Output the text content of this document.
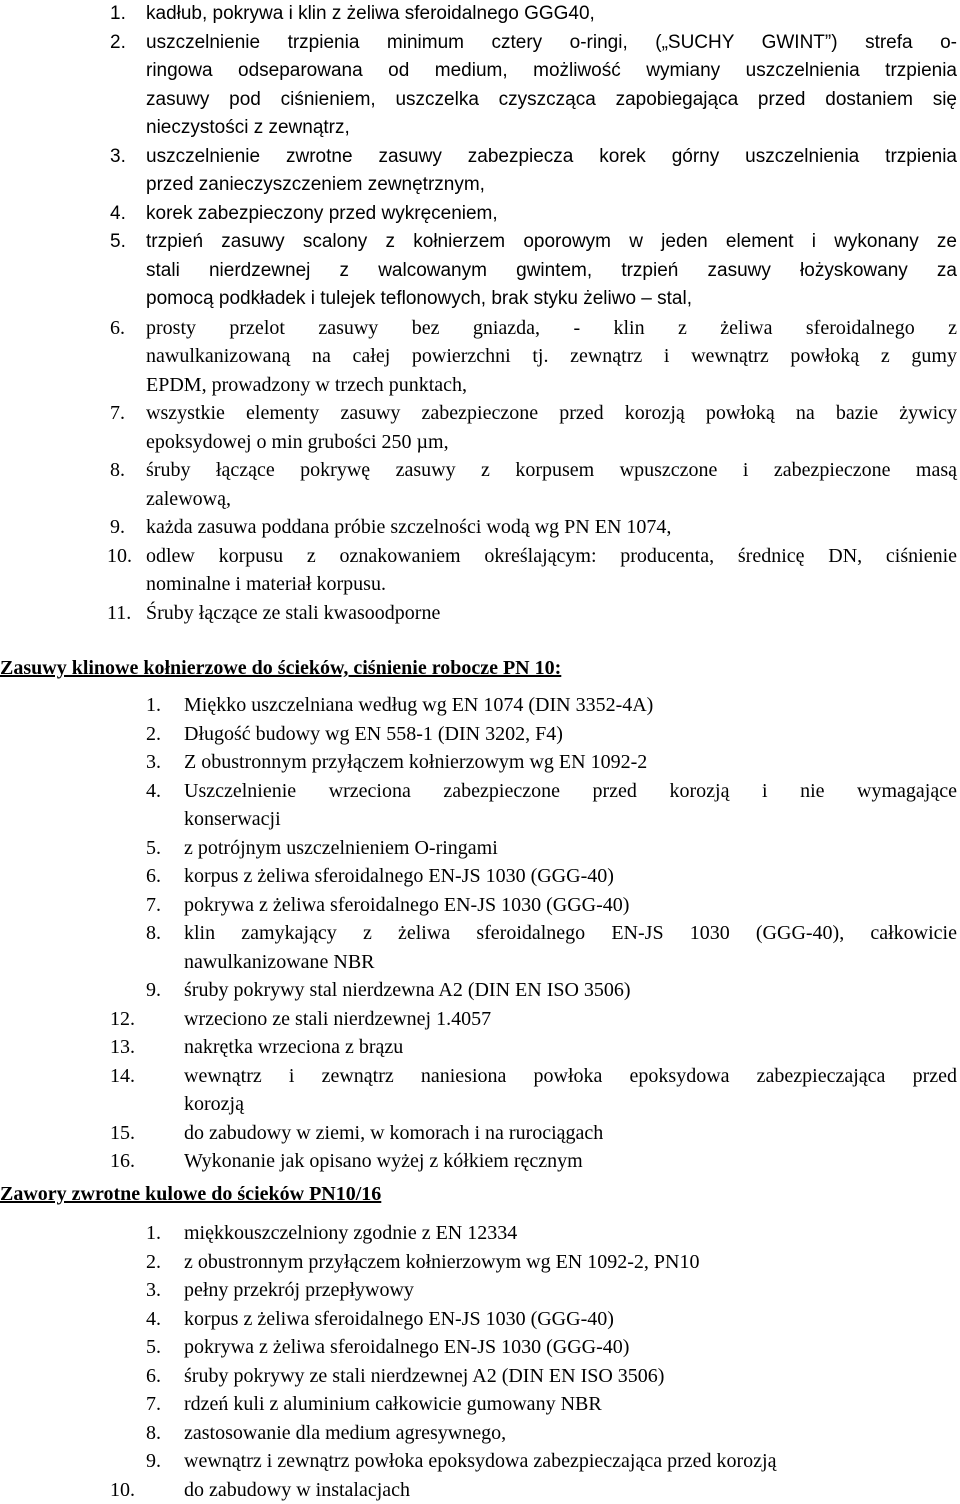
1. kadłub, pokrywa i klin z żeliwa sferoidalnego GGG40,
2. uszczelnienie trzpienia minimum cztery o-ringi, („SUCHY GWINT”) strefa o-
ringowa odseparowana od medium, możliwość wymiany uszczelnienia trzpienia
zasuwy pod ciśnieniem, uszczelka czyszcząca zapobiegająca przed dostaniem się
nieczystości z zewnątrz,
3. uszczelnienie zwrotne zasuwy zabezpiecza korek górny uszczelnienia trzpienia
przed zanieczyszczeniem zewnętrznym,
4. korek zabezpieczony przed wykręceniem,
5. trzpień zasuwy scalony z kołnierzem oporowym w jeden element i wykonany ze
stali nierdzewnej z walcowanym gwintem, trzpień zasuwy łożyskowany za
pomocą podkładek i tulejek teflonowych, brak styku żeliwo – stal,
6. prosty przelot zasuwy bez gniazda, - klin z żeliwa sferoidalnego z
nawulkanizowaną na całej powierzchni tj. zewnątrz i wewnątrz powłoką z gumy
EPDM, prowadzony w trzech punktach,
7. wszystkie elementy zasuwy zabezpieczone przed korozją powłoką na bazie żywicy
epoksydowej o min grubości 250 µm,
8. śruby łączące pokrywę zasuwy z korpusem wpuszczone i zabezpieczone masą
zalewową,
9. każda zasuwa poddana próbie szczelności wodą wg PN EN 1074,
10. odlew korpusu z oznakowaniem określającym: producenta, średnicę DN, ciśnienie
nominalne i materiał korpusu.
11. Śruby łączące ze stali kwasoodporne
Zasuwy klinowe kołnierzowe do ścieków, ciśnienie robocze PN 10:
1. Miękko uszczelniana według wg EN 1074 (DIN 3352-4A)
2. Długość budowy wg EN 558-1 (DIN 3202, F4)
3. Z obustronnym przyłączem kołnierzowym wg EN 1092-2
4. Uszczelnienie wrzeciona zabezpieczone przed korozją i nie wymagające
konserwacji
5. z potrójnym uszczelnieniem O-ringami
6. korpus z żeliwa sferoidalnego EN-JS 1030 (GGG-40)
7. pokrywa z żeliwa sferoidalnego EN-JS 1030 (GGG-40)
8. klin zamykający z żeliwa sferoidalnego EN-JS 1030 (GGG-40), całkowicie
nawulkanizowane NBR
9. śruby pokrywy stal nierdzewna A2 (DIN EN ISO 3506)
12. wrzeciono ze stali nierdzewnej 1.4057
13. nakrętka wrzeciona z brązu
14. wewnątrz i zewnątrz naniesiona powłoka epoksydowa zabezpieczająca przed
korozją
15. do zabudowy w ziemi, w komorach i na rurociągach
16. Wykonanie jak opisano wyżej z kółkiem ręcznym
Zawory zwrotne kulowe do ścieków PN10/16
1. miękkouszczelniony zgodnie z EN 12334
2. z obustronnym przyłączem kołnierzowym wg EN 1092-2, PN10
3. pełny przekrój przepływowy
4. korpus z żeliwa sferoidalnego EN-JS 1030 (GGG-40)
5. pokrywa z żeliwa sferoidalnego EN-JS 1030 (GGG-40)
6. śruby pokrywy ze stali nierdzewnej A2 (DIN EN ISO 3506)
7. rdzeń kuli z aluminium całkowicie gumowany NBR
8. zastosowanie dla medium agresywnego,
9. wewnątrz i zewnątrz powłoka epoksydowa zabezpieczająca przed korozją
10. do zabudowy w instalacjach
